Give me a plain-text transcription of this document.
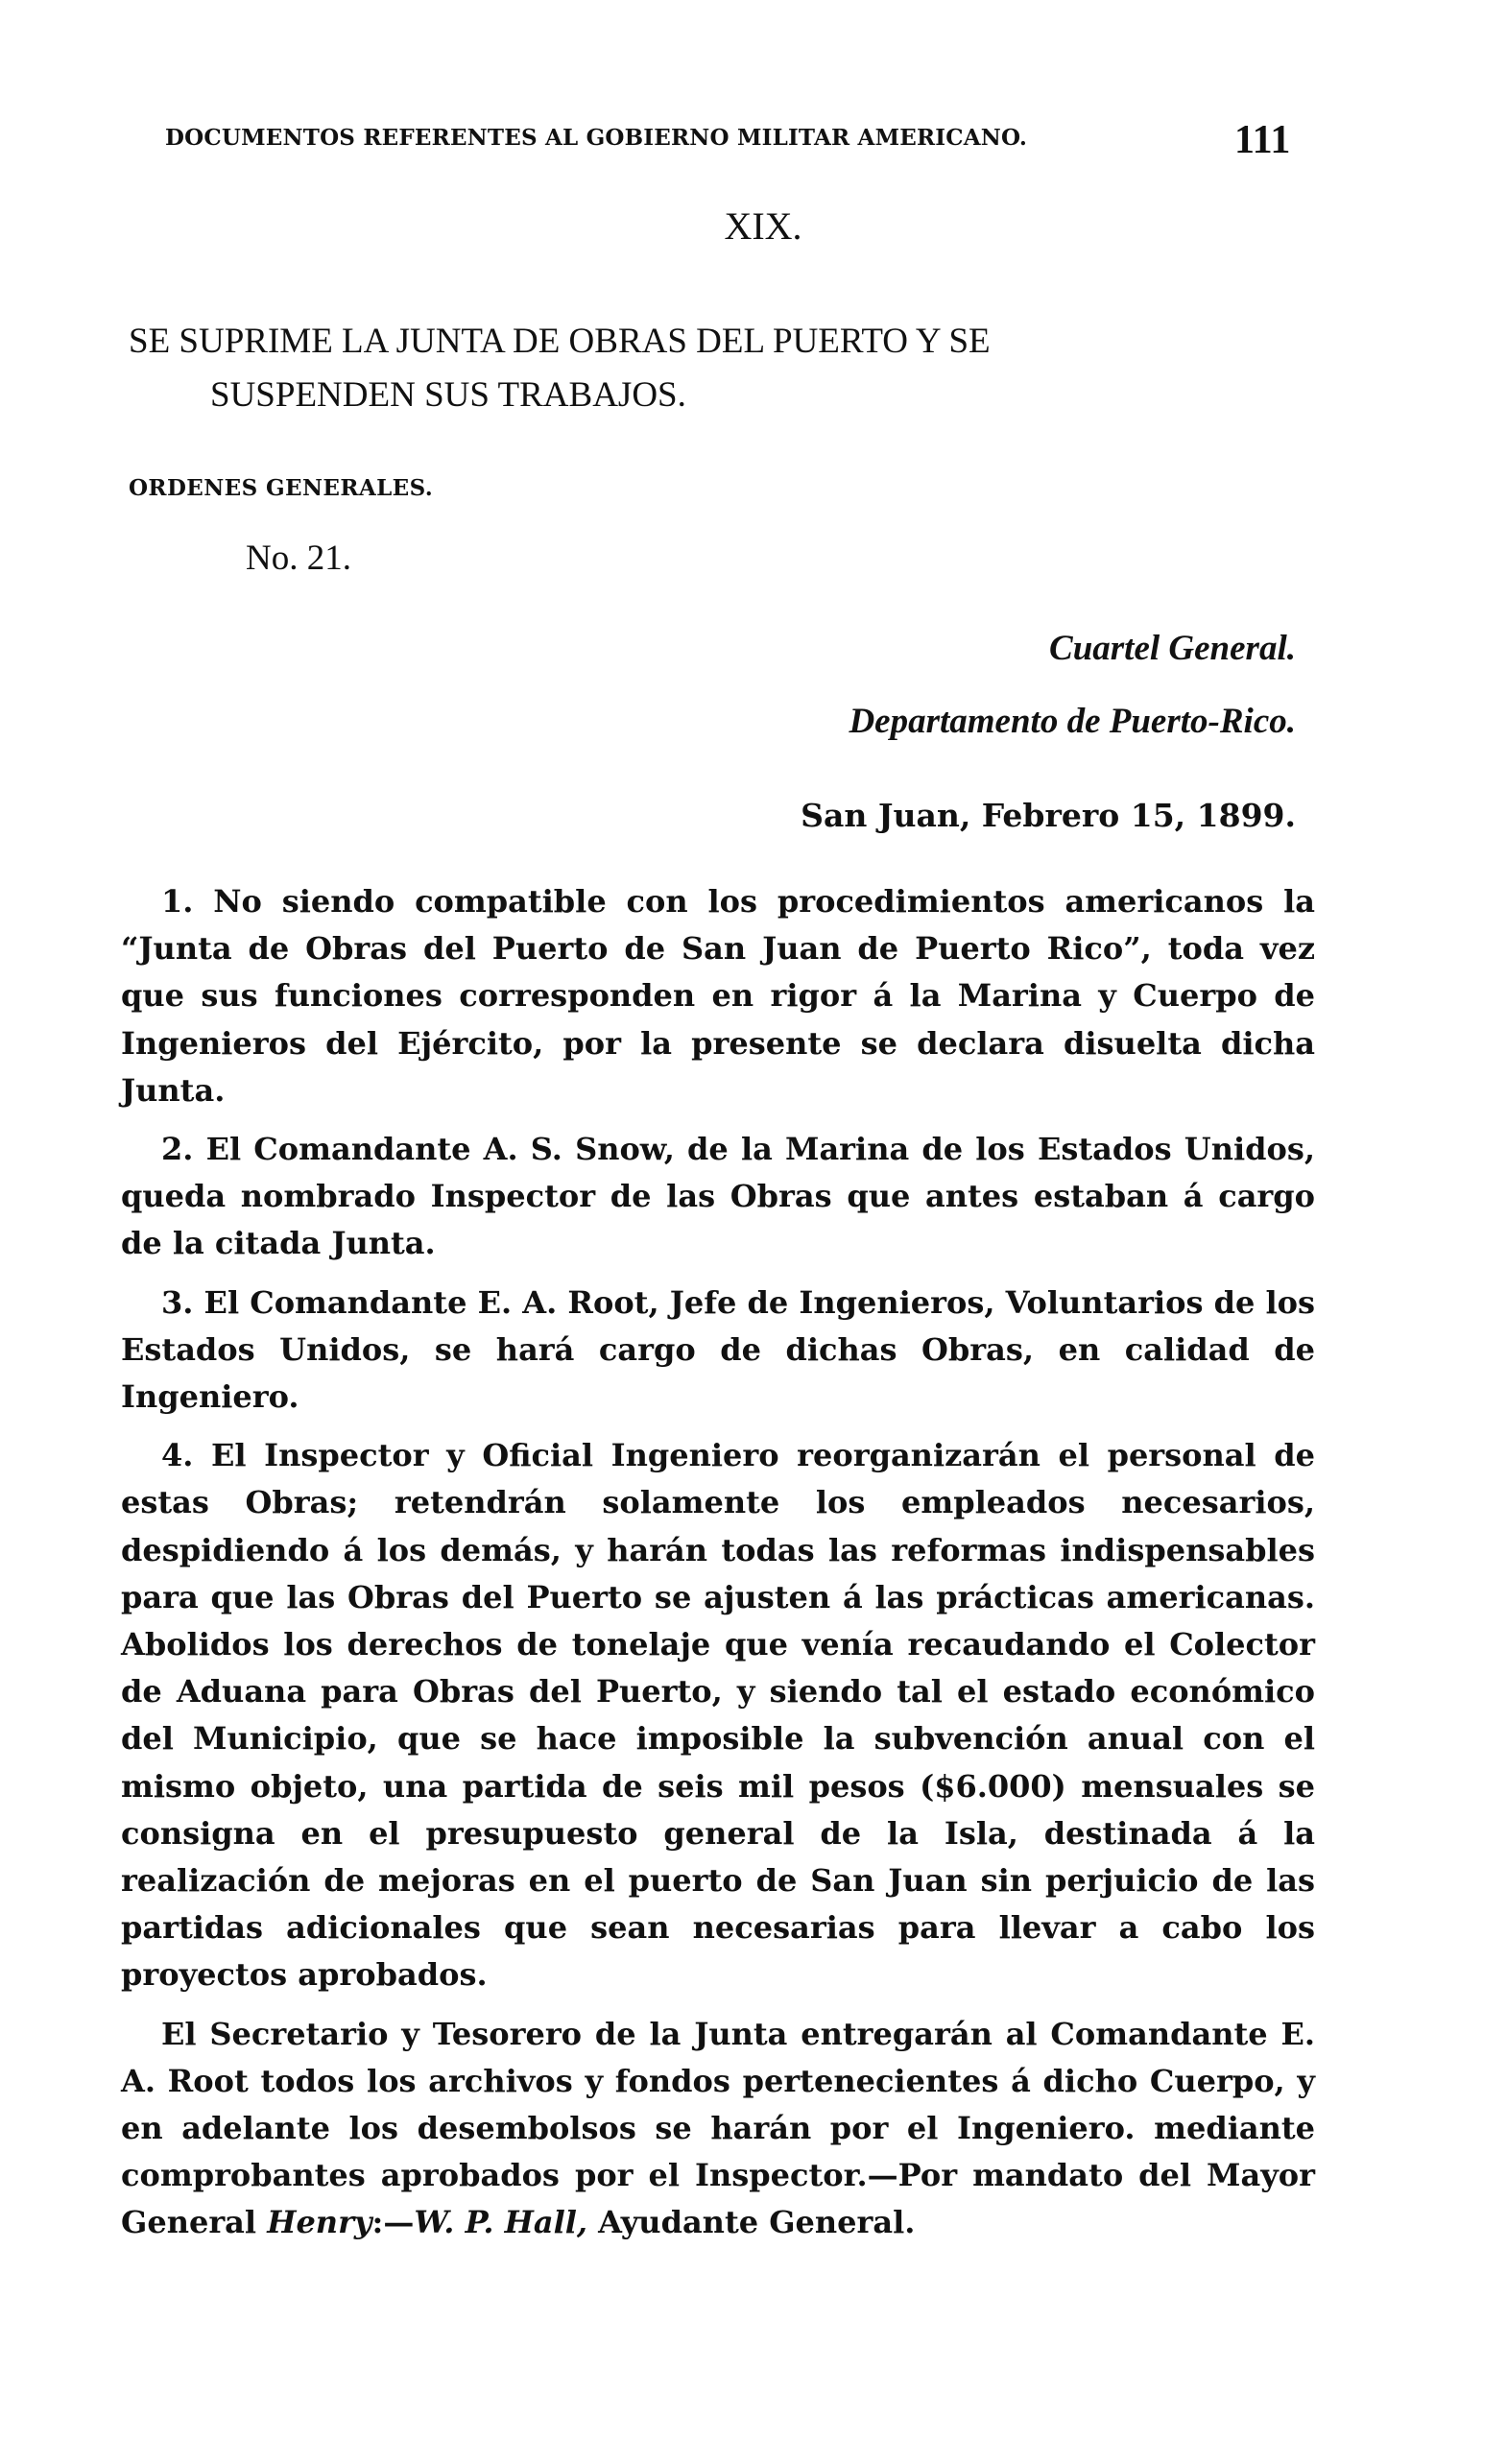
DOCUMENTOS REFERENTES AL GOBIERNO MILITAR AMERICANO.	111
XIX.
SE SUPRIME LA JUNTA DE OBRAS DEL PUERTO Y SE
SUSPENDEN SUS TRABAJOS.
ORDENES GENERALES.
No. 21.
Cuartel General.
Departamento de Puerto-Rico.
San Juan, Febrero 15, 1899.

1. No siendo compatible con los procedimientos americanos la “Junta de Obras del Puerto de San Juan de Puerto Rico”, toda vez que sus funciones corresponden en rigor á la Marina y Cuerpo de Ingenieros del Ejército, por la presente se declara disuelta dicha Junta.

2. El Comandante A. S. Snow, de la Marina de los Estados Unidos, queda nombrado Inspector de las Obras que antes estaban á cargo de la citada Junta.

3. El Comandante E. A. Root, Jefe de Ingenieros, Voluntarios de los Estados Unidos, se hará cargo de dichas Obras, en calidad de Ingeniero.

4. El Inspector y Oficial Ingeniero reorganizarán el personal de estas Obras; retendrán solamente los empleados necesarios, despidiendo á los demás, y harán todas las reformas indispensables para que las Obras del Puerto se ajusten á las prácticas americanas. Abolidos los derechos de tonelaje que venía recaudando el Colector de Aduana para Obras del Puerto, y siendo tal el estado económico del Municipio, que se hace imposible la subvención anual con el mismo objeto, una partida de seis mil pesos ($6.000) mensuales se consigna en el presupuesto general de la Isla, destinada á la realización de mejoras en el puerto de San Juan sin perjuicio de las partidas adicionales que sean necesarias para llevar a cabo los proyectos aprobados.

El Secretario y Tesorero de la Junta entregarán al Comandante E. A. Root todos los archivos y fondos pertenecientes á dicho Cuerpo, y en adelante los desembolsos se harán por el Ingeniero. mediante comprobantes aprobados por el Inspector.—Por mandato del Mayor General Henry:—W. P. Hall, Ayudante General.
